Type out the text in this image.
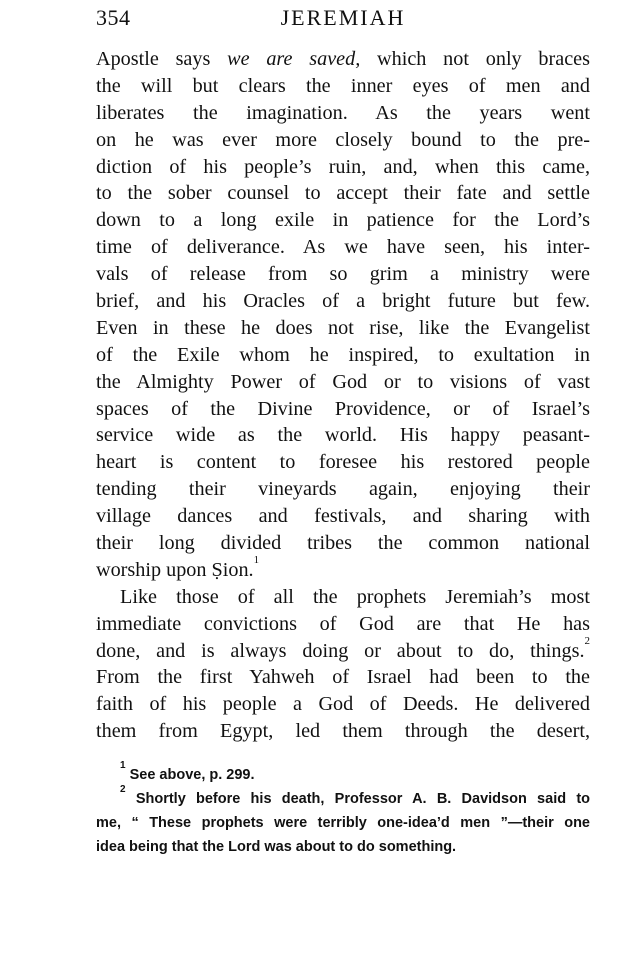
354	JEREMIAH
Apostle says we are saved, which not only braces
the will but clears the inner eyes of men and
liberates the imagination. As the years went
on he was ever more closely bound to the pre-
diction of his people’s ruin, and, when this came,
to the sober counsel to accept their fate and settle
down to a long exile in patience for the Lord’s
time of deliverance. As we have seen, his inter-
vals of release from so grim a ministry were
brief, and his Oracles of a bright future but few.
Even in these he does not rise, like the Evangelist
of the Exile whom he inspired, to exultation in
the Almighty Power of God or to visions of vast
spaces of the Divine Providence, or of Israel’s
service wide as the world. His happy peasant-
heart is content to foresee his restored people
tending their vineyards again, enjoying their
village dances and festivals, and sharing with
their long divided tribes the common national
worship upon Ṣion.$^1$
Like those of all the prophets Jeremiah’s most
immediate convictions of God are that He has
done, and is always doing or about to do, things.$^2$
From the first Yahweh of Israel had been to the
faith of his people a God of Deeds. He delivered
them from Egypt, led them through the desert,
$^1$ See above, p. 299.
$^2$ Shortly before his death, Professor A. B. Davidson said to
me, “ These prophets were terribly one-idea’d men ”—their one
idea being that the Lord was about to do something.
